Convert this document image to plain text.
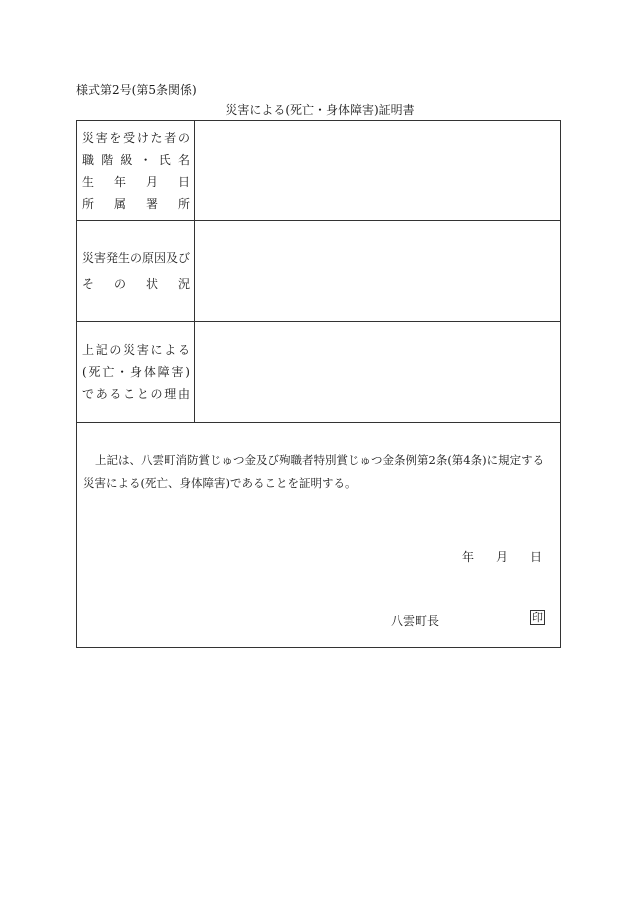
様式第2号(第5条関係)
災害による(死亡・身体障害)証明書
災害を受けた者の
職階級・氏名
生年月日
所属署所
災害発生の原因及び
その状況
上記の災害による
(死亡・身体障害)
であることの理由
上記は、八雲町消防賞じゅつ金及び殉職者特別賞じゅつ金条例第2条(第4条)に規定する災害による(死亡、身体障害)であることを証明する。
年 月 日
八雲町長	印
